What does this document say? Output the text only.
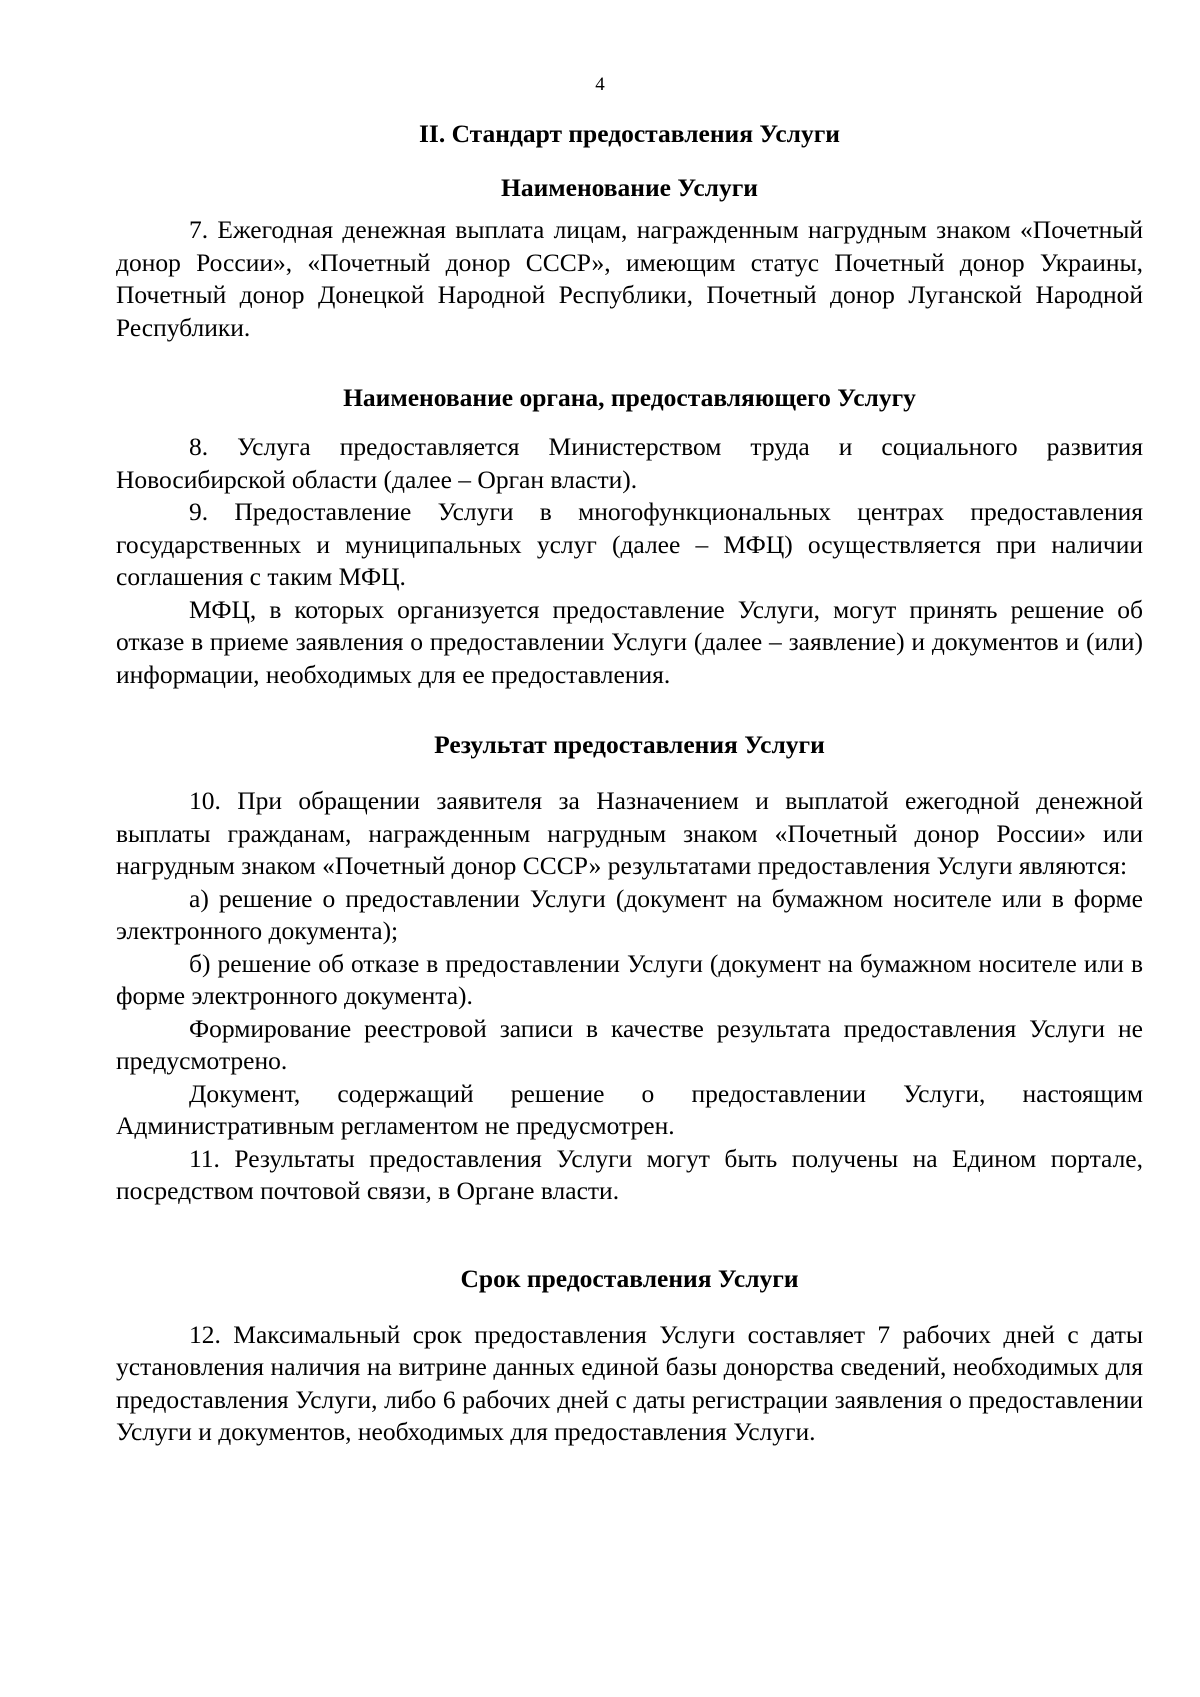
4
II. Стандарт предоставления Услуги
Наименование Услуги

7. Ежегодная денежная выплата лицам, награжденным нагрудным знаком «Почетный донор России», «Почетный донор СССР», имеющим статус Почетный донор Украины, Почетный донор Донецкой Народной Республики, Почетный донор Луганской Народной Республики.

Наименование органа, предоставляющего Услугу

8. Услуга предоставляется Министерством труда и социального развития Новосибирской области (далее – Орган власти).

9. Предоставление Услуги в многофункциональных центрах предоставления государственных и муниципальных услуг (далее – МФЦ) осуществляется при наличии соглашения с таким МФЦ.

МФЦ, в которых организуется предоставление Услуги, могут принять решение об отказе в приеме заявления о предоставлении Услуги (далее – заявление) и документов и (или) информации, необходимых для ее предоставления.

Результат предоставления Услуги

10. При обращении заявителя за Назначением и выплатой ежегодной денежной выплаты гражданам, награжденным нагрудным знаком «Почетный донор России» или нагрудным знаком «Почетный донор СССР» результатами предоставления Услуги являются:

а) решение о предоставлении Услуги (документ на бумажном носителе или в форме электронного документа);

б) решение об отказе в предоставлении Услуги (документ на бумажном носителе или в форме электронного документа).

Формирование реестровой записи в качестве результата предоставления Услуги не предусмотрено.

Документ, содержащий решение о предоставлении Услуги, настоящим Административным регламентом не предусмотрен.

11. Результаты предоставления Услуги могут быть получены на Едином портале, посредством почтовой связи, в Органе власти.

Срок предоставления Услуги

12. Максимальный срок предоставления Услуги составляет 7 рабочих дней с даты установления наличия на витрине данных единой базы донорства сведений, необходимых для предоставления Услуги, либо 6 рабочих дней с даты регистрации заявления о предоставлении Услуги и документов, необходимых для предоставления Услуги.
